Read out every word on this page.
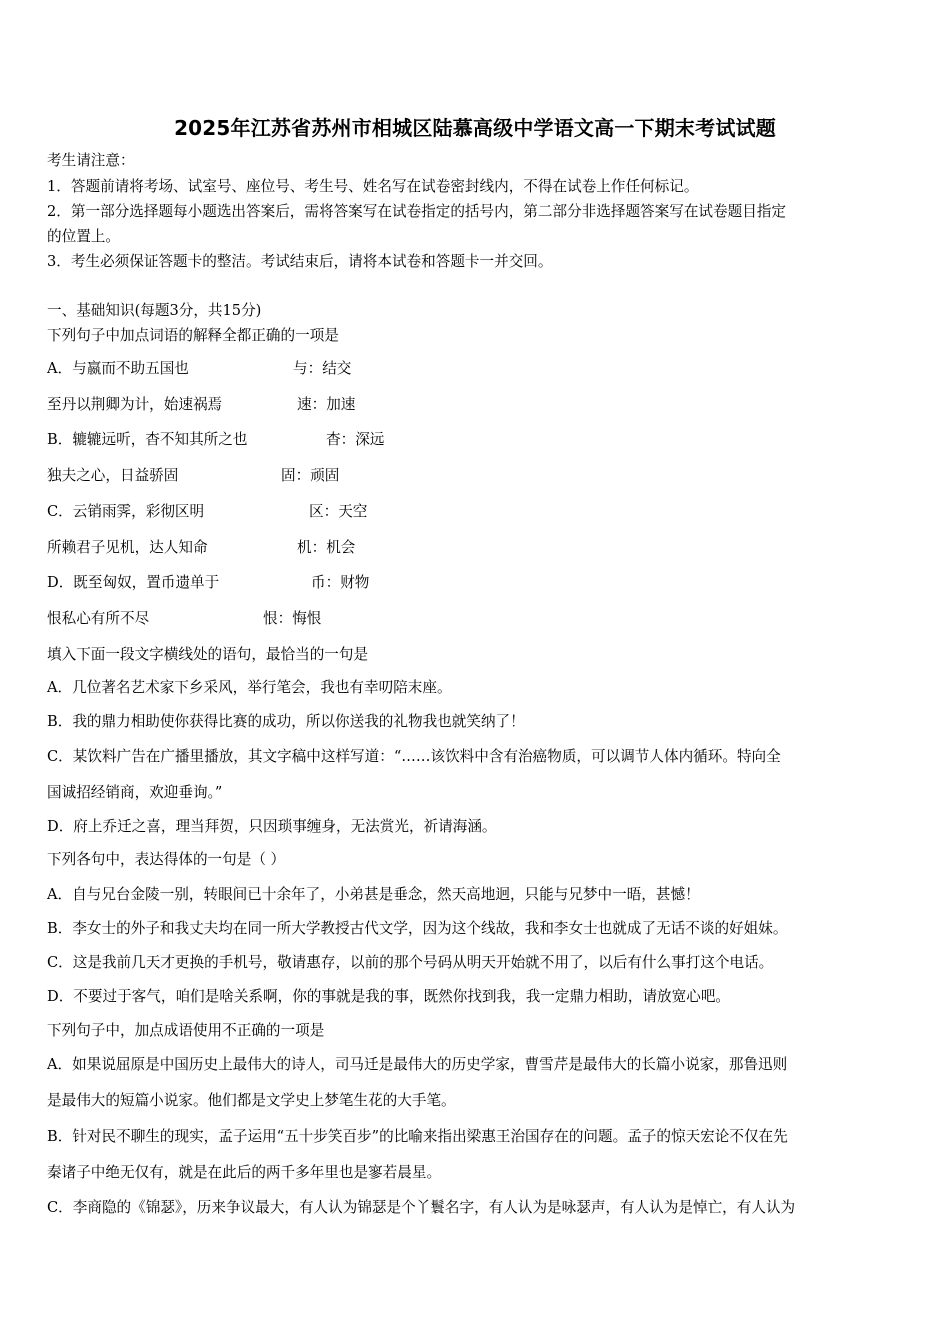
2025年江苏省苏州市相城区陆慕高级中学语文高一下期末考试试题
考生请注意：
1．答题前请将考场、试室号、座位号、考生号、姓名写在试卷密封线内，不得在试卷上作任何标记。
2．第一部分选择题每小题选出答案后，需将答案写在试卷指定的括号内，第二部分非选择题答案写在试卷题目指定
的位置上。
3．考生必须保证答题卡的整洁。考试结束后，请将本试卷和答题卡一并交回。
一、基础知识(每题3分，共15分)
下列句子中加点词语的解释全都正确的一项是
A．与嬴而不助五国也	与：结交
至丹以荆卿为计，始速祸焉	速：加速
B．辘辘远听，杳不知其所之也	杳：深远
独夫之心，日益骄固	固：顽固
C．云销雨霁，彩彻区明	区：天空
所赖君子见机，达人知命	机：机会
D．既至匈奴，置币遗单于	币：财物
恨私心有所不尽	恨：悔恨
填入下面一段文字横线处的语句，最恰当的一句是
A．几位著名艺术家下乡采风，举行笔会，我也有幸叨陪末座。
B．我的鼎力相助使你获得比赛的成功，所以你送我的礼物我也就笑纳了！
C．某饮料广告在广播里播放，其文字稿中这样写道：“……该饮料中含有治癌物质，可以调节人体内循环。特向全
国诚招经销商，欢迎垂询。”
D．府上乔迁之喜，理当拜贺，只因琐事缠身，无法赏光，祈请海涵。
下列各句中，表达得体的一句是（ ）
A．自与兄台金陵一别，转眼间已十余年了，小弟甚是垂念，然天高地迥，只能与兄梦中一晤，甚憾！
B．李女士的外子和我丈夫均在同一所大学教授古代文学，因为这个线故，我和李女士也就成了无话不谈的好姐妹。
C．这是我前几天才更换的手机号，敬请惠存，以前的那个号码从明天开始就不用了，以后有什么事打这个电话。
D．不要过于客气，咱们是啥关系啊，你的事就是我的事，既然你找到我，我一定鼎力相助，请放宽心吧。
下列句子中，加点成语使用不正确的一项是
A．如果说屈原是中国历史上最伟大的诗人，司马迁是最伟大的历史学家，曹雪芹是最伟大的长篇小说家，那鲁迅则
是最伟大的短篇小说家。他们都是文学史上梦笔生花的大手笔。
B．针对民不聊生的现实，孟子运用“五十步笑百步”的比喻来指出梁惠王治国存在的问题。孟子的惊天宏论不仅在先
秦诸子中绝无仅有，就是在此后的两千多年里也是寥若晨星。
C．李商隐的《锦瑟》，历来争议最大，有人认为锦瑟是个丫鬟名字，有人认为是咏瑟声，有人认为是悼亡，有人认为
